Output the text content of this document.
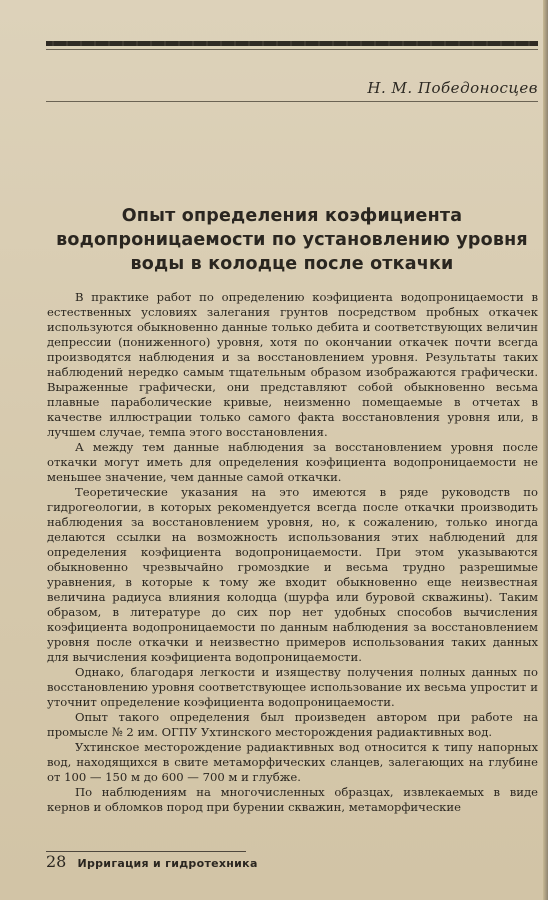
Н. М. Победоносцев
Опыт определения коэфициента водопроницаемости по установлению уровня воды в колодце после откачки

В практике работ по определению коэфициента водопроницаемости в естественных условиях залегания грунтов посредством пробных откачек используются обыкновенно данные только дебита и соответствующих величин депрессии (пониженного) уровня, хотя по окончании откачек почти всегда производятся наблюдения и за восстановлением уровня. Результаты таких наблюдений нередко самым тщательным образом изображаются графически. Выраженные графически, они представляют собой обыкновенно весьма плавные параболические кривые, неизменно помещаемые в отчетах в качестве иллюстрации только самого факта восстановления уровня или, в лучшем случае, темпа этого восстановления.

А между тем данные наблюдения за восстановлением уровня после откачки могут иметь для определения коэфициента водопроницаемости не меньшее значение, чем данные самой откачки.

Теоретические указания на это имеются в ряде руководств по гидрогеологии, в которых рекомендуется всегда после откачки производить наблюдения за восстановлением уровня, но, к сожалению, только иногда делаются ссылки на возможность использования этих наблюдений для определения коэфициента водопроницаемости. При этом указываются обыкновенно чрезвычайно громоздкие и весьма трудно разрешимые уравнения, в которые к тому же входит обыкновенно еще неизвестная величина радиуса влияния колодца (шурфа или буровой скважины). Таким образом, в литературе до сих пор нет удобных способов вычисления коэфициента водопроницаемости по данным наблюдения за восстановлением уровня после откачки и неизвестно примеров использования таких данных для вычисления коэфициента водопроницаемости.

Однако, благодаря легкости и изяществу получения полных данных по восстановлению уровня соответствующее использование их весьма упростит и уточнит определение коэфициента водопроницаемости.

Опыт такого определения был произведен автором при работе на промысле № 2 им. ОГПУ Ухтинского месторождения радиактивных вод.

Ухтинское месторождение радиактивных вод относится к типу напорных вод, находящихся в свите метаморфических сланцев, залегающих на глубине от 100 — 150 м до 600 — 700 м и глубже.

По наблюдениям на многочисленных образцах, извлекаемых в виде кернов и обломков пород при бурении скважин, метаморфические

28 Ирригация и гидротехника
